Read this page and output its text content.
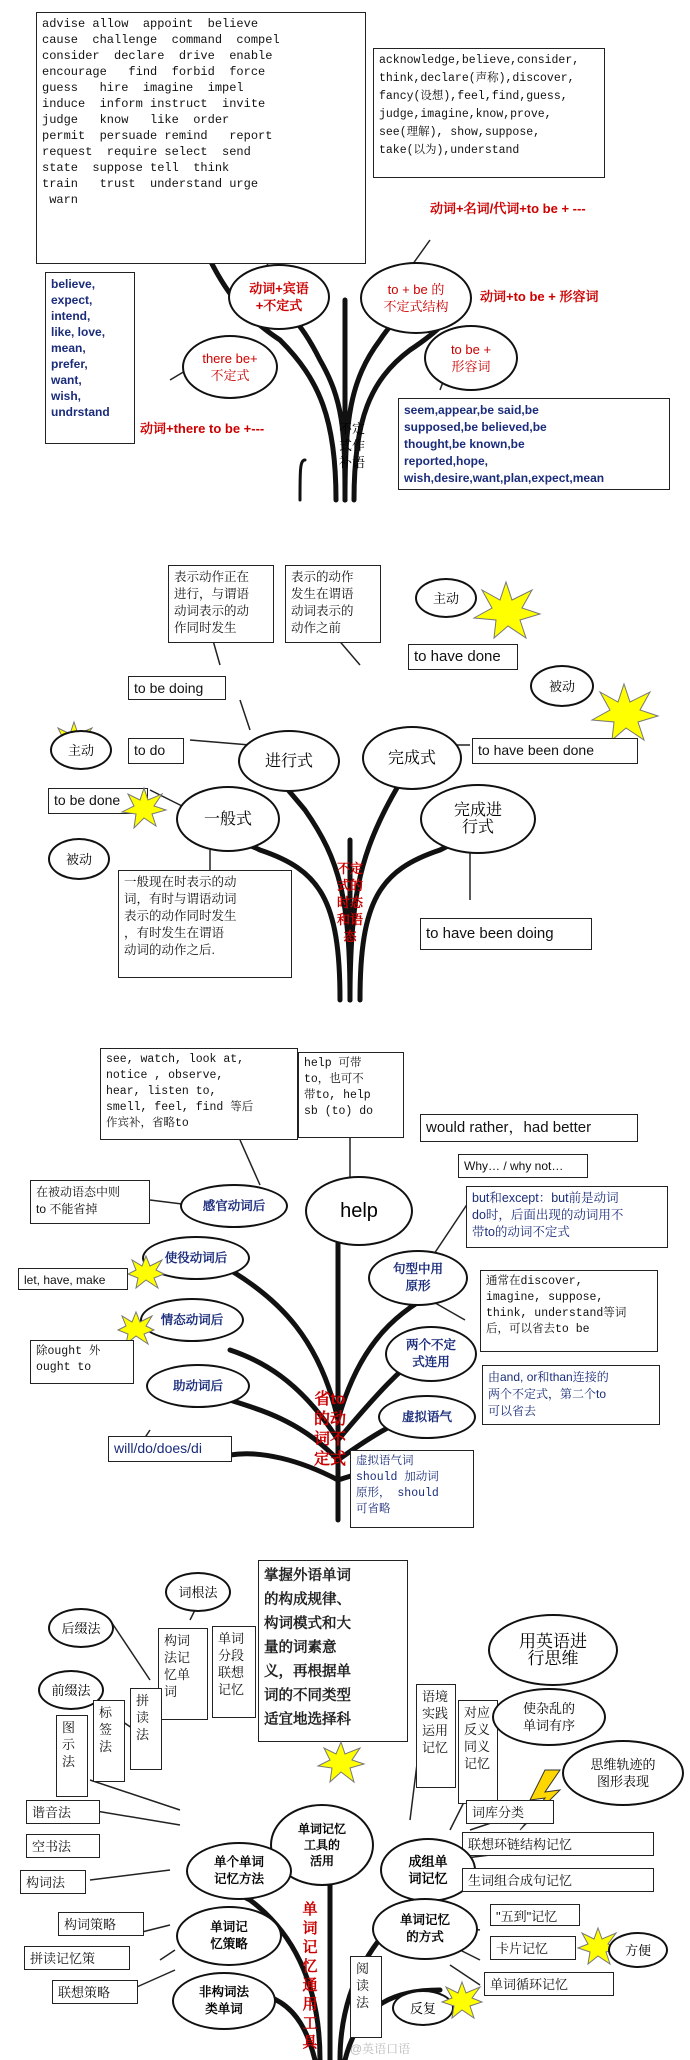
advise allow  appoint  believe
cause  challenge  command  compel
consider  declare  drive  enable
encourage   find  forbid  force
guess   hire  imagine  impel
induce  inform instruct  invite
judge   know   like  order
permit  persuade remind   report
request  require select  send
state  suppose tell  think
train   trust  understand urge
warn
acknowledge,believe,consider,
think,declare(声称),discover,
fancy(设想),feel,find,guess,
judge,imagine,know,prove,
see(理解), show,suppose,
take(以为),understand
动词+名词/代词+to be + ---
动词+to be + 形容词
believe,
expect,
intend,
like, love,
mean,
prefer,
want,
wish,
undrstand
动词+there to be +---
seem,appear,be said,be
supposed,be believed,be
thought,be known,be
reported,hope,
wish,desire,want,plan,expect,mean
动词+宾语
+不定式
to + be 的
不定式结构
there be+
不定式
to be +
形容词
不定
式作
补语
表示动作正在
进行，与谓语
动词表示的动
作同时发生
表示的动作
发生在谓语
动词表示的
动作之前
主动
to have done
被动
to be doing
主动	to do
进行式	完成式	to have been done
to be done
一般式	完成进
行式
被动
一般现在时表示的动
词，有时与谓语动词
表示的动作同时发生
，有时发生在谓语
动词的动作之后.
不定
式的
时态
和语
态	to have been doing
see, watch, look at,
notice , observe,
hear, listen to,
smell, feel, find 等后
作宾补，省略to
help 可带
to，也可不
带to, help
sb (to) do
would rather，had better
Why… / why not…
在被动语态中则
to 不能省掉	感官动词后	help
but和except：but前是动词
do时，后面出现的动词用不
带to的动词不定式
使役动词后
let, have, make
句型中用
原形	通常在discover,
imagine, suppose,
think, understand等词
后，可以省去to be
情态动词后
两个不定
式连用
除ought 外
ought to
助动词后
由and, or和than连接的
两个不定式，第二个to
可以省去
虚拟语气
省to
的动
词不
定式
will/do/does/di
虚拟语气词
should 加动词
原形， should
可省略
词根法
掌握外语单词
的构成规律、
构词模式和大
量的词素意
义，再根据单
词的不同类型
适宜地选择科
后缀法
构词
法记
忆单
词
单词
分段
联想
记忆
用英语进
行思维
前缀法
图
示
法
标
签
法
拼
读
法
语境
实践
运用
记忆
对应
反义
同义
记忆
使杂乱的
单词有序
思维轨迹的
图形表现
谐音法	词库分类
单词记忆
工具的
活用
空书法	联想环链结构记忆
单个单词
记忆方法
成组单
词记忆
构词法	生词组合成句记忆
构词策略	单词记
忆策略
单词记忆
的方式
"五到"记忆
拼读记忆策
卡片记忆	方便
联想策略	非构词法
类单词
单
词
记
忆
通
用
工
具
阅
读
法	反复
单词循环记忆
@英语口语
